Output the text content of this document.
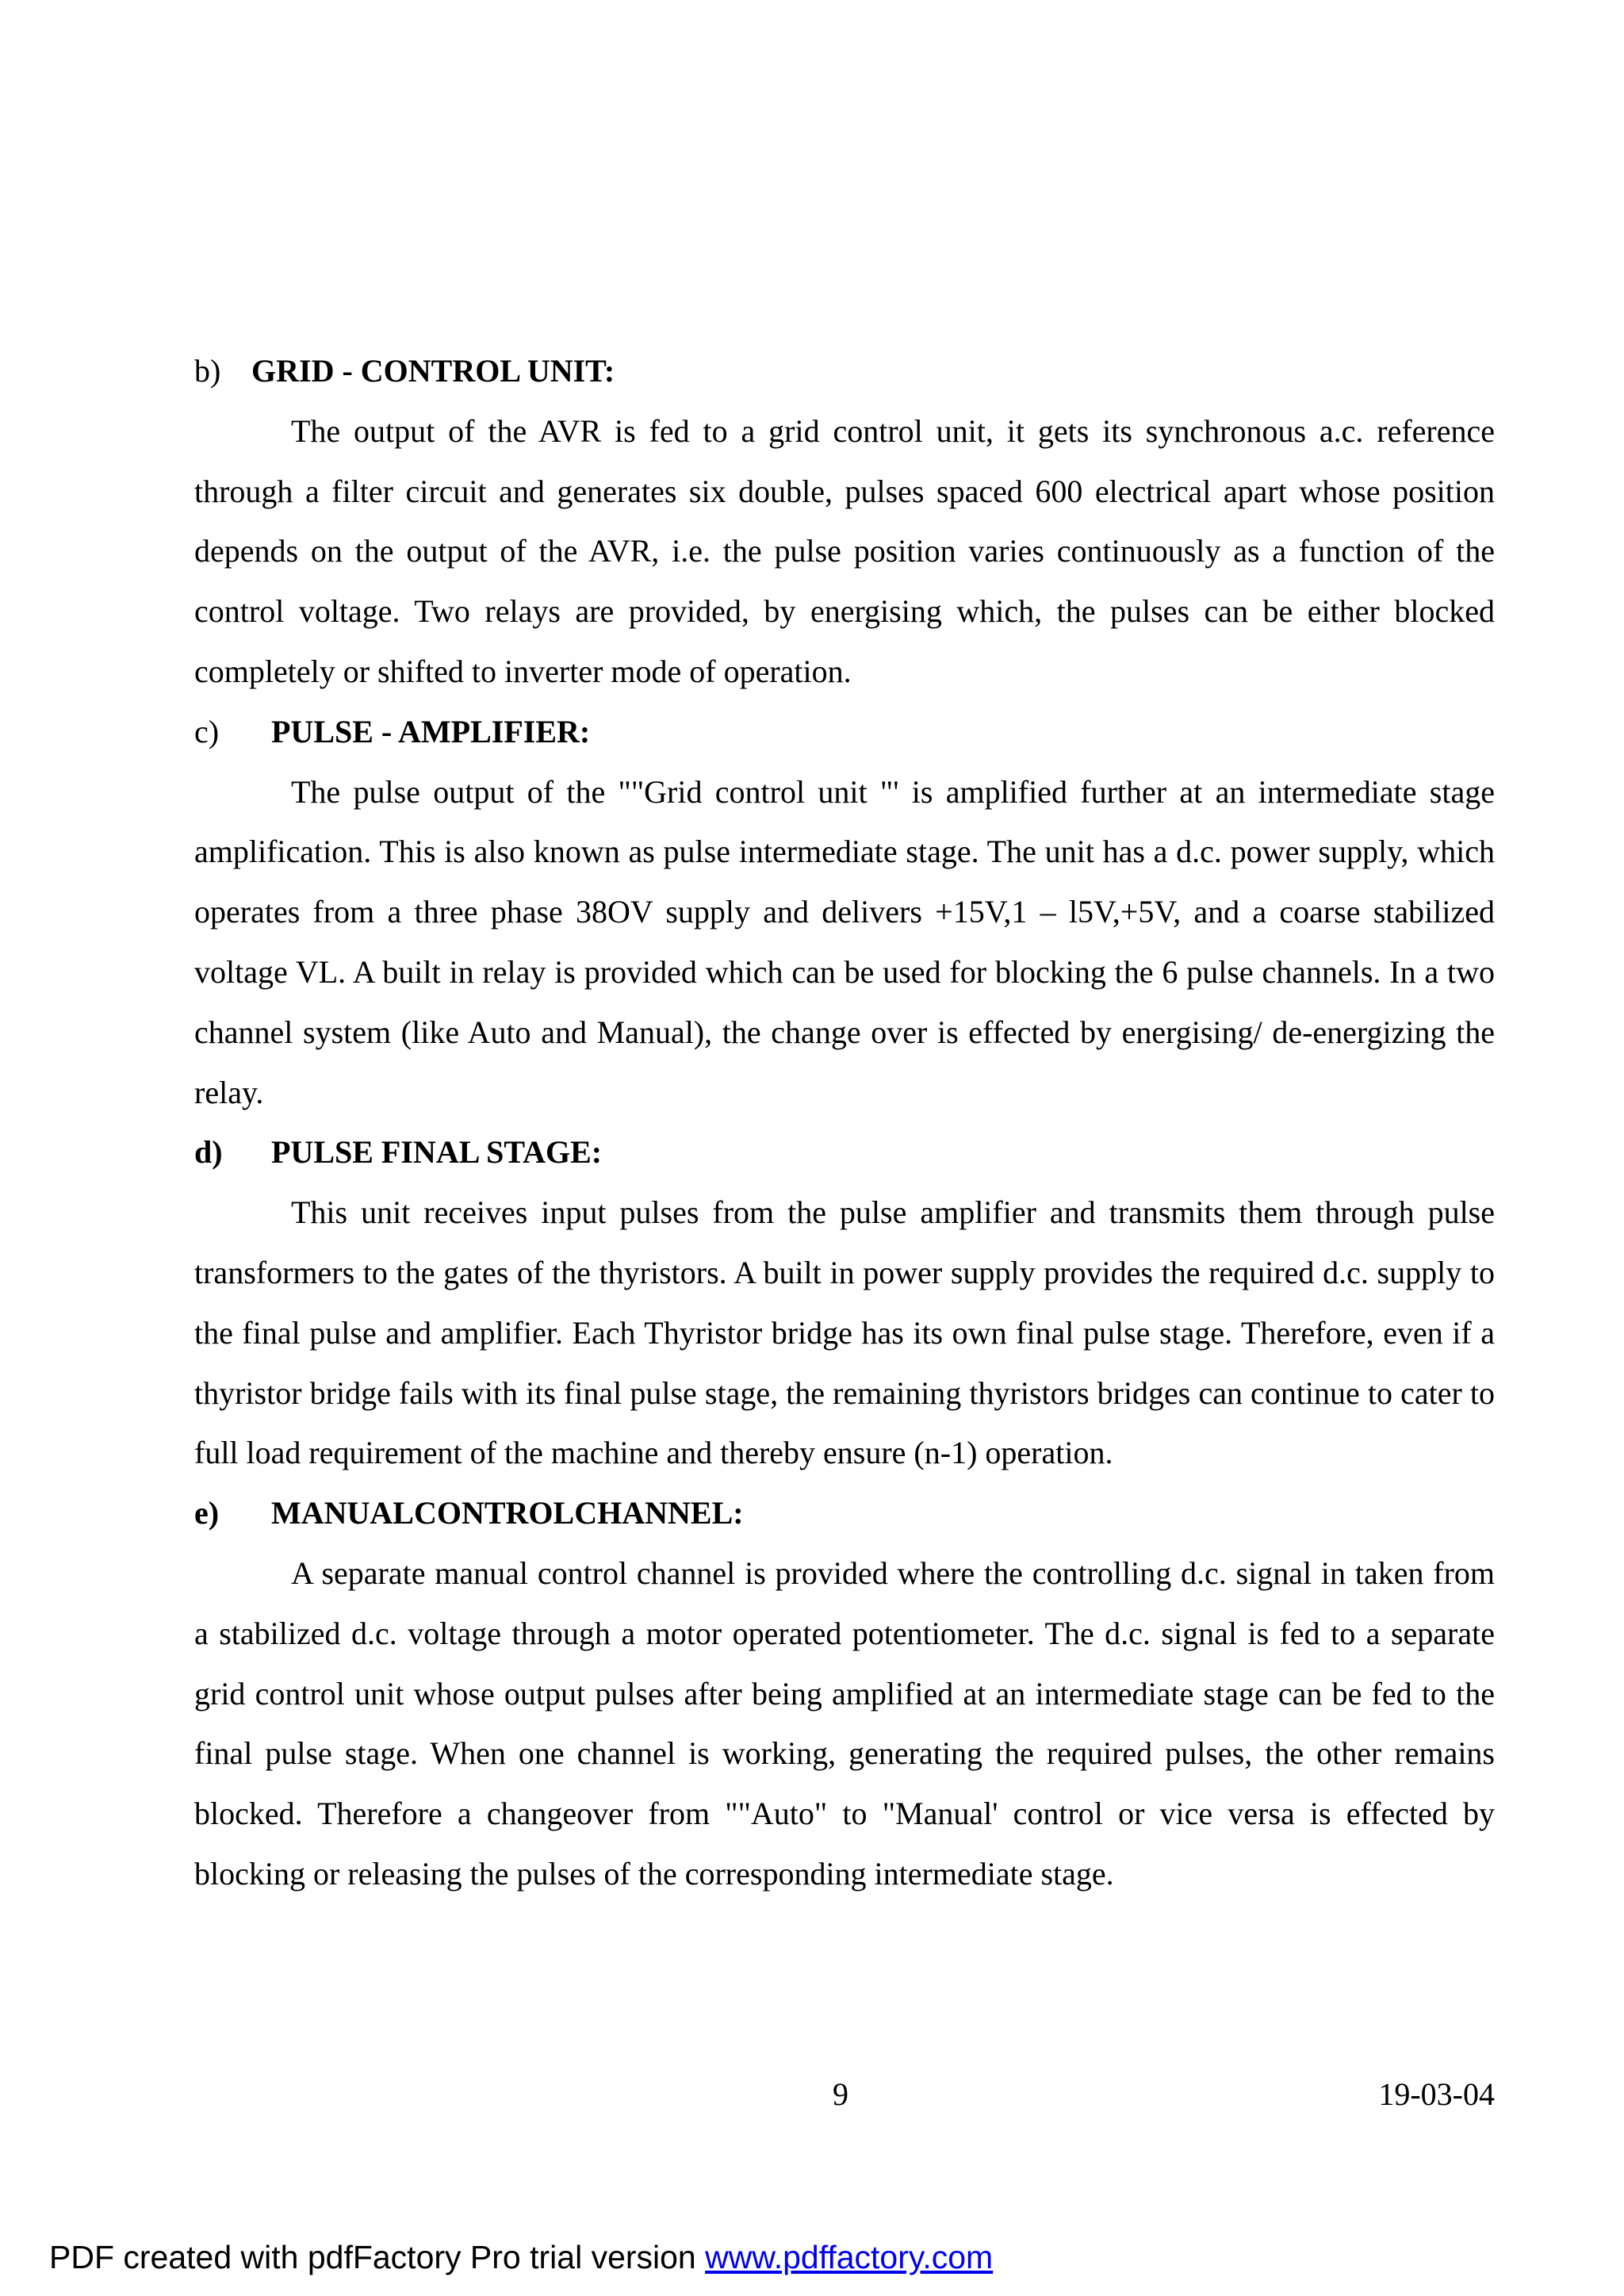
b) GRID - CONTROL UNIT:

The output of the AVR is fed to a grid control unit, it gets its synchronous a.c. reference through a filter circuit and generates six double, pulses spaced 600 electrical apart whose position depends on the output of the AVR, i.e. the pulse position varies continuously as a function of the control voltage. Two relays are provided, by energising which, the pulses can be either blocked completely or shifted to inverter mode of operation.

c)	PULSE - AMPLIFIER:

The pulse output of the ""Grid control unit "' is amplified further at an intermediate stage amplification. This is also known as pulse intermediate stage. The unit has a d.c. power supply, which operates from a three phase 38OV supply and delivers +15V,1 – l5V,+5V, and a coarse stabilized voltage VL. A built in relay is provided which can be used for blocking the 6 pulse channels. In a two channel system (like Auto and Manual), the change over is effected by energising/ de-energizing the relay.

d)	PULSE FINAL STAGE:

This unit receives input pulses from the pulse amplifier and transmits them through pulse transformers to the gates of the thyristors. A built in power supply provides the required d.c. supply to the final pulse and amplifier. Each Thyristor bridge has its own final pulse stage. Therefore, even if a thyristor bridge fails with its final pulse stage, the remaining thyristors bridges can continue to cater to full load requirement of the machine and thereby ensure (n-1) operation.

e)	MANUALCONTROLCHANNEL:

A separate manual control channel is provided where the controlling d.c. signal in taken from a stabilized d.c. voltage through a motor operated potentiometer. The d.c. signal is fed to a separate grid control unit whose output pulses after being amplified at an intermediate stage can be fed to the final pulse stage. When one channel is working, generating the required pulses, the other remains blocked. Therefore a changeover from ""Auto" to "Manual' control or vice versa is effected by blocking or releasing the pulses of the corresponding intermediate stage.

9	19-03-04
PDF created with pdfFactory Pro trial version www.pdffactory.com
